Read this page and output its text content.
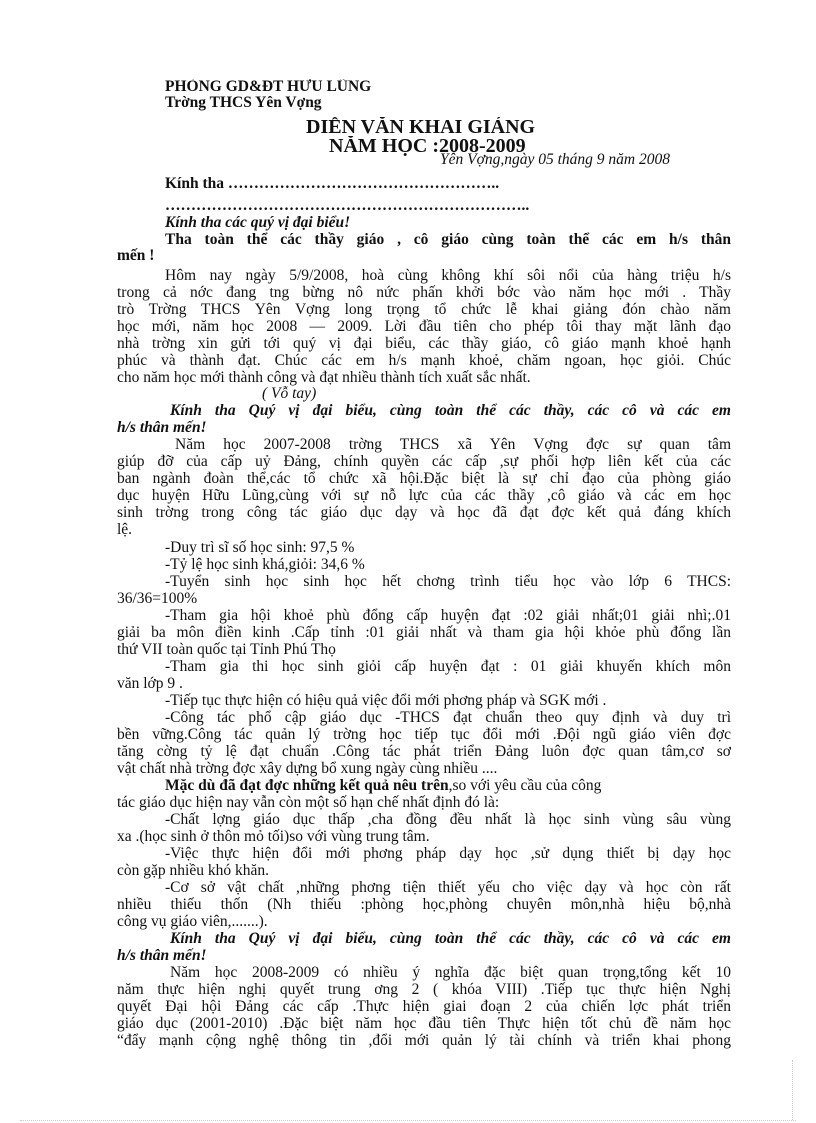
PHÒNG GD&ĐT HỮU LŨNG
Trờng THCS Yên Vợng
DIỄN VĂN KHAI GIẢNG
NĂM HỌC :2008-2009
Yên Vợng,ngày 05 tháng 9 năm 2008
Kính tha ……………………………………………..
……………………………………………………………..
Kính tha các quý vị đại biểu!
Tha toàn thể các thầy giáo , cô giáo cùng toàn thể các em h/s thân
mến !
Hôm nay ngày 5/9/2008, hoà cùng không khí sôi nổi của hàng triệu h/s
trong cả nớc đang tng bừng nô nức phấn khởi bớc vào năm học mới . Thầy
trò Trờng THCS Yên Vợng long trọng tổ chức lễ khai giảng đón chào năm
học mới, năm học 2008 — 2009. Lời đầu tiên cho phép tôi thay mặt lãnh đạo
nhà trờng xin gửi tới quý vị đại biểu, các thầy giáo, cô giáo mạnh khoẻ hạnh
phúc và thành đạt. Chúc các em h/s mạnh khoẻ, chăm ngoan, học giỏi. Chúc
cho năm học mới thành công và đạt nhiều thành tích xuất sắc nhất.
( Vỗ tay)
Kính tha Quý vị đại biểu, cùng toàn thể các thầy, các cô và các em
h/s thân mến!
Năm học 2007-2008 trờng THCS xã Yên Vợng đợc sự quan tâm
giúp đỡ của cấp uỷ Đảng, chính quyền các cấp ,sự phối hợp liên kết của các
ban ngành đoàn thể,các tổ chức xã hội.Đặc biệt là sự chỉ đạo của phòng giáo
dục huyện Hữu Lũng,cùng với sự nỗ lực của các thầy ,cô giáo và các em học
sinh trờng trong công tác giáo dục dạy và học đã đạt đợc kết quả đáng khích
lệ.
-Duy trì sĩ số học sinh: 97,5 %
-Tỷ lệ học sinh khá,giỏi: 34,6 %
-Tuyển sinh học sinh học hết chơng trình tiểu học vào lớp 6 THCS:
36/36=100%
-Tham gia hội khoẻ phù đổng cấp huyện đạt :02 giải nhất;01 giải nhì;.01
giải ba môn điền kinh .Cấp tỉnh :01 giải nhất và tham gia hội khỏe phù đổng lần
thứ VII toàn quốc tại Tỉnh Phú Thọ
-Tham gia thi học sinh giỏi cấp huyện đạt : 01 giải khuyến khích môn
văn lớp 9 .
-Tiếp tục thực hiện có hiệu quả việc đổi mới phơng pháp và SGK mới .
-Công tác phổ cập giáo dục -THCS đạt chuẩn theo quy định và duy trì
bền vững.Công tác quản lý trờng học tiếp tục đổi mới .Đội ngũ giáo viên đợc
tăng cờng tỷ lệ đạt chuẩn .Công tác phát triển Đảng luôn đợc quan tâm,cơ sơ
vật chất nhà trờng đợc xây dựng bổ xung ngày cùng nhiều ....
Mặc dù đã đạt đợc những kết quả nêu trên,so với yêu cầu của công
tác giáo dục hiện nay vẫn còn một số hạn chế nhất định đó là:
-Chất lợng giáo dục thấp ,cha đồng đều nhất là học sinh vùng sâu vùng
xa .(học sinh ở thôn mỏ tối)so với vùng trung tâm.
-Việc thực hiện đổi mới phơng pháp dạy học ,sử dụng thiết bị dạy học
còn gặp nhiều khó khăn.
-Cơ sở vật chất ,những phơng tiện thiết yếu cho việc dạy và học còn rất
nhiều thiếu thốn (Nh thiếu :phòng học,phòng chuyên môn,nhà hiệu bộ,nhà
công vụ giáo viên,.......).
Kính tha Quý vị đại biểu, cùng toàn thể các thầy, các cô và các em
h/s thân mến!
Năm học 2008-2009 có nhiều ý nghĩa đặc biệt quan trọng,tổng kết 10
năm thực hiện nghị quyết trung ơng 2 ( khóa VIII) .Tiếp tục thực hiện Nghị
quyết Đại hội Đảng các cấp .Thực hiện giai đoạn 2 của chiến lợc phát triển
giáo dục (2001-2010) .Đặc biệt năm học đầu tiên Thực hiện tốt chủ đề năm học
“đẩy mạnh cộng nghệ thông tin ,đổi mới quản lý tài chính và triển khai phong
